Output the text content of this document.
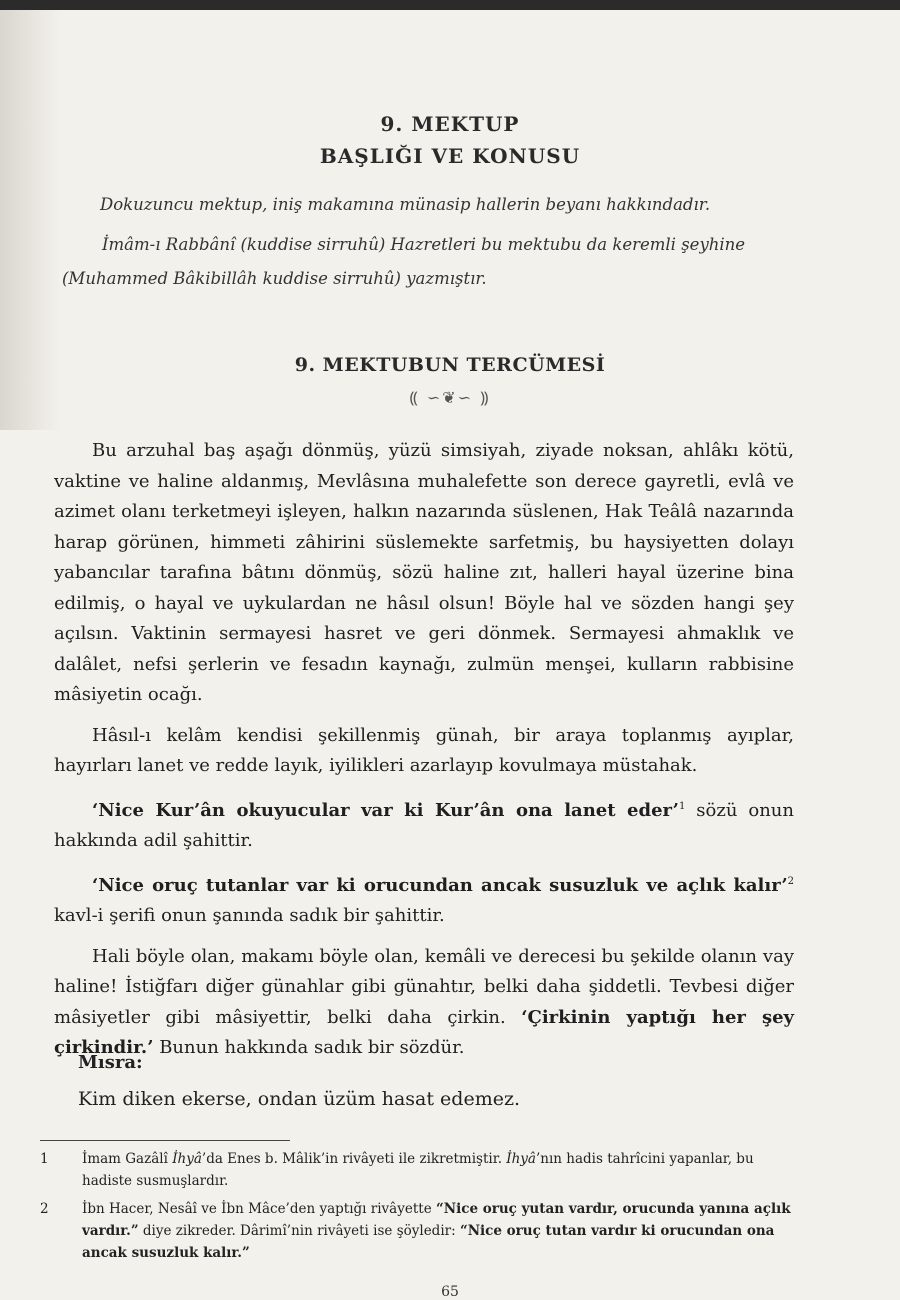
9. MEKTUP
BAŞLIĞI VE KONUSU
Dokuzuncu mektup, iniş makamına münasip hallerin beyanı hakkındadır.
İmâm-ı Rabbânî (kuddise sirruhû) Hazretleri bu mektubu da keremli şeyhine (Muhammed Bâkibillâh kuddise sirruhû) yazmıştır.
9. MEKTUBUN TERCÜMESİ
⸨ ∽❦∽ ⸩

Bu arzuhal baş aşağı dönmüş, yüzü simsiyah, ziyade noksan, ahlâkı kötü, vaktine ve haline aldanmış, Mevlâsına muhalefette son derece gayretli, evlâ ve azimet olanı terketmeyi işleyen, halkın nazarında süslenen, Hak Teâlâ nazarında harap görünen, himmeti zâhirini süslemekte sarfetmiş, bu haysiyetten dolayı yabancılar tarafına bâtını dönmüş, sözü haline zıt, halleri hayal üzerine bina edilmiş, o hayal ve uykulardan ne hâsıl olsun! Böyle hal ve sözden hangi şey açılsın. Vaktinin sermayesi hasret ve geri dönmek. Sermayesi ahmaklık ve dalâlet, nefsi şerlerin ve fesadın kaynağı, zulmün menşei, kulların rabbisine mâsiyetin ocağı.

Hâsıl-ı kelâm kendisi şekillenmiş günah, bir araya toplanmış ayıplar, hayırları lanet ve redde layık, iyilikleri azarlayıp kovulmaya müstahak.

‘Nice Kur’ân okuyucular var ki Kur’ân ona lanet eder’$^1$ sözü onun hakkında adil şahittir.

‘Nice oruç tutanlar var ki orucundan ancak susuzluk ve açlık kalır’$^2$ kavl-i şerifi onun şanında sadık bir şahittir.

Hali böyle olan, makamı böyle olan, kemâli ve derecesi bu şekilde olanın vay haline! İstiğfarı diğer günahlar gibi günahtır, belki daha şiddetli. Tevbesi diğer mâsiyetler gibi mâsiyettir, belki daha çirkin. ‘Çirkinin yaptığı her şey çirkindir.’ Bunun hakkında sadık bir sözdür.

Mısra:
Kim diken ekerse, ondan üzüm hasat edemez.
1	İmam Gazâlî İhyâ’da Enes b. Mâlik’in rivâyeti ile zikretmiştir. İhyâ’nın hadis tahrîcini yapanlar, bu hadiste susmuşlardır.
2	İbn Hacer, Nesâî ve İbn Mâce’den yaptığı rivâyette “Nice oruç yutan vardır, orucunda yanına açlık vardır.” diye zikreder. Dârimî’nin rivâyeti ise şöyledir: “Nice oruç tutan vardır ki orucundan ona ancak susuzluk kalır.”
65
